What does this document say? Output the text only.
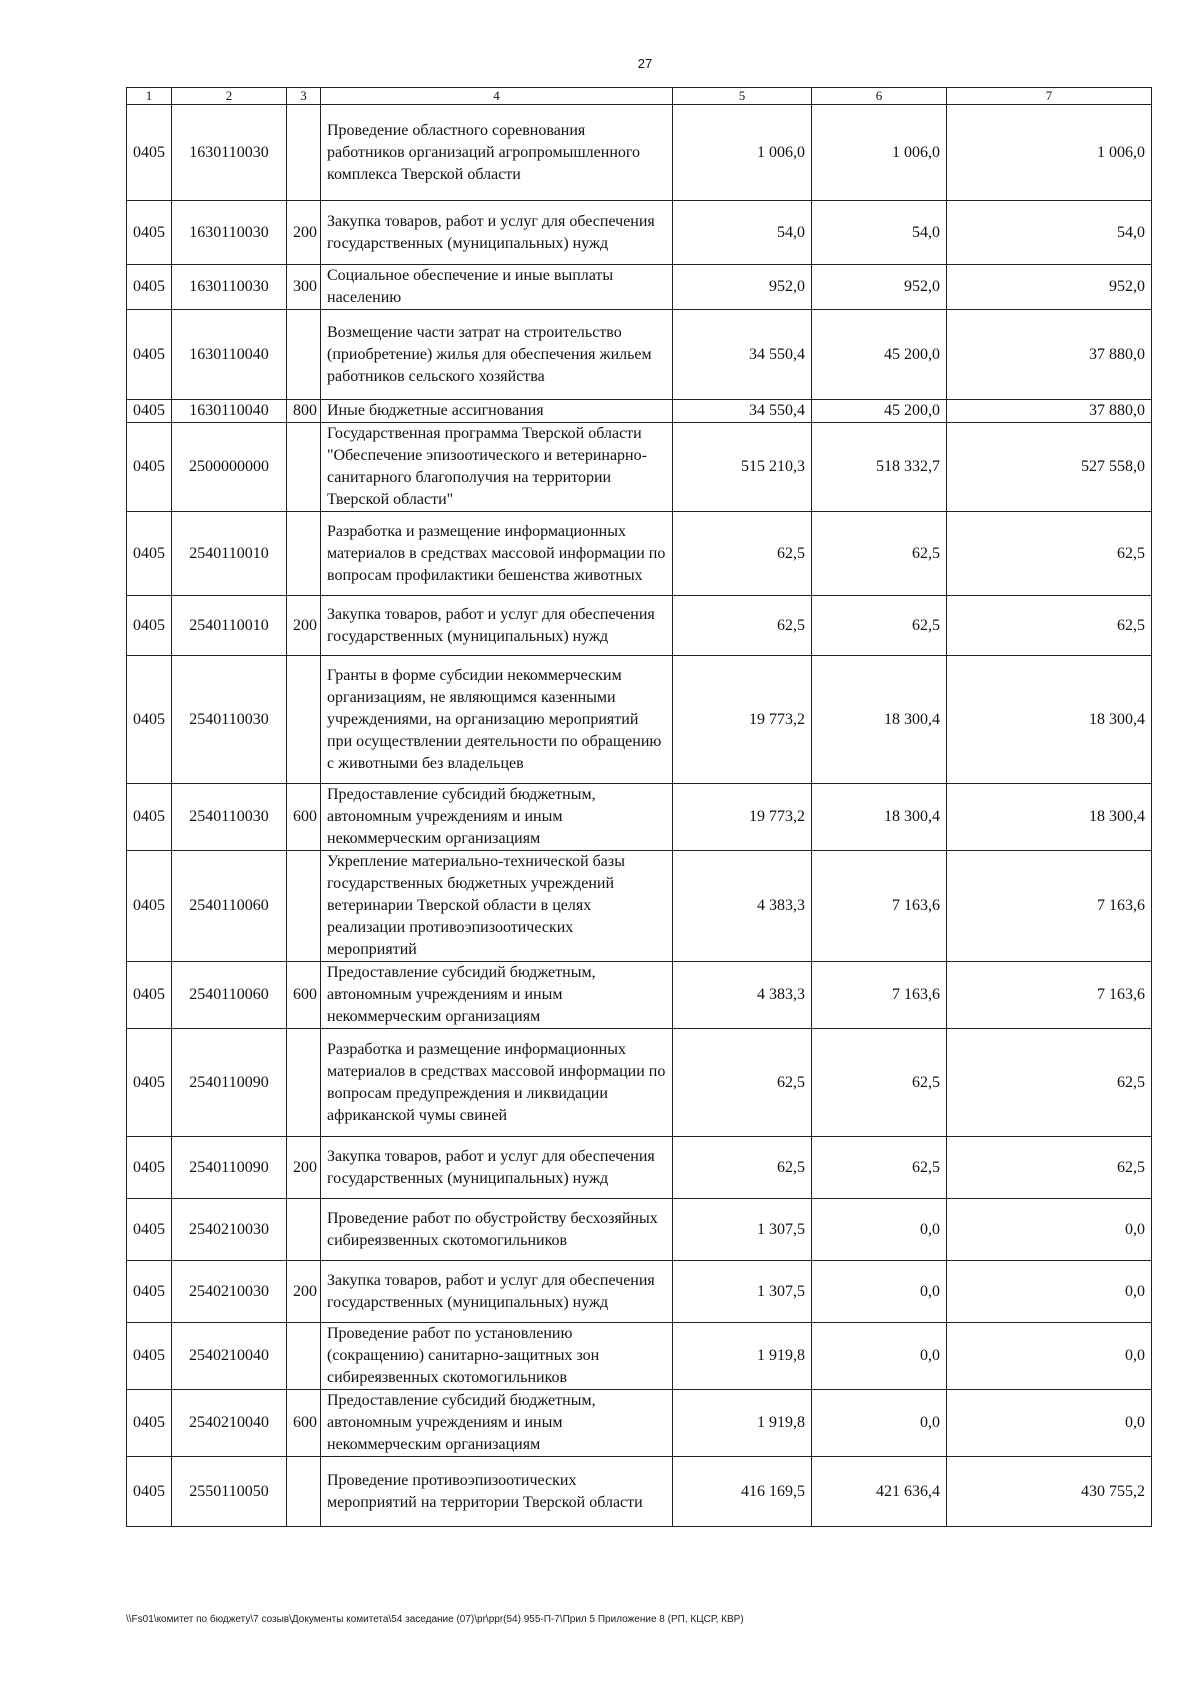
27
1	2	3	4	5	6	7
0405	1630110030		Проведение областного соревнования работников организаций агропромышленного комплекса Тверской области	1 006,0	1 006,0	1 006,0
0405	1630110030	200	Закупка товаров, работ и услуг для обеспечения государственных (муниципальных) нужд	54,0	54,0	54,0
0405	1630110030	300	Социальное обеспечение и иные выплаты населению	952,0	952,0	952,0
0405	1630110040		Возмещение части затрат на строительство (приобретение) жилья для обеспечения жильем работников сельского хозяйства	34 550,4	45 200,0	37 880,0
0405	1630110040	800	Иные бюджетные ассигнования	34 550,4	45 200,0	37 880,0
0405	2500000000		Государственная программа Тверской области "Обеспечение эпизоотического и ветеринарно-санитарного благополучия на территории Тверской области"	515 210,3	518 332,7	527 558,0
0405	2540110010		Разработка и размещение информационных материалов в средствах массовой информации по вопросам профилактики бешенства животных	62,5	62,5	62,5
0405	2540110010	200	Закупка товаров, работ и услуг для обеспечения государственных (муниципальных) нужд	62,5	62,5	62,5
0405	2540110030		Гранты в форме субсидии некоммерческим организациям, не являющимся казенными учреждениями, на организацию мероприятий при осуществлении деятельности по обращению с животными без владельцев	19 773,2	18 300,4	18 300,4
0405	2540110030	600	Предоставление субсидий бюджетным, автономным учреждениям и иным некоммерческим организациям	19 773,2	18 300,4	18 300,4
0405	2540110060		Укрепление материально-технической базы государственных бюджетных учреждений ветеринарии Тверской области в целях реализации противоэпизоотических мероприятий	4 383,3	7 163,6	7 163,6
0405	2540110060	600	Предоставление субсидий бюджетным, автономным учреждениям и иным некоммерческим организациям	4 383,3	7 163,6	7 163,6
0405	2540110090		Разработка и размещение информационных материалов в средствах массовой информации по вопросам предупреждения и ликвидации африканской чумы свиней	62,5	62,5	62,5
0405	2540110090	200	Закупка товаров, работ и услуг для обеспечения государственных (муниципальных) нужд	62,5	62,5	62,5
0405	2540210030		Проведение работ по обустройству бесхозяйных сибиреязвенных скотомогильников	1 307,5	0,0	0,0
0405	2540210030	200	Закупка товаров, работ и услуг для обеспечения государственных (муниципальных) нужд	1 307,5	0,0	0,0
0405	2540210040		Проведение работ по установлению (сокращению) санитарно-защитных зон сибиреязвенных скотомогильников	1 919,8	0,0	0,0
0405	2540210040	600	Предоставление субсидий бюджетным, автономным учреждениям и иным некоммерческим организациям	1 919,8	0,0	0,0
0405	2550110050		Проведение противоэпизоотических мероприятий на территории Тверской области	416 169,5	421 636,4	430 755,2
\\Fs01\комитет по бюджету\7 созыв\Документы комитета\54 заседание (07)\pr\ppr(54) 955-П-7\Прил 5 Приложение 8 (РП, КЦСР, КВР)
